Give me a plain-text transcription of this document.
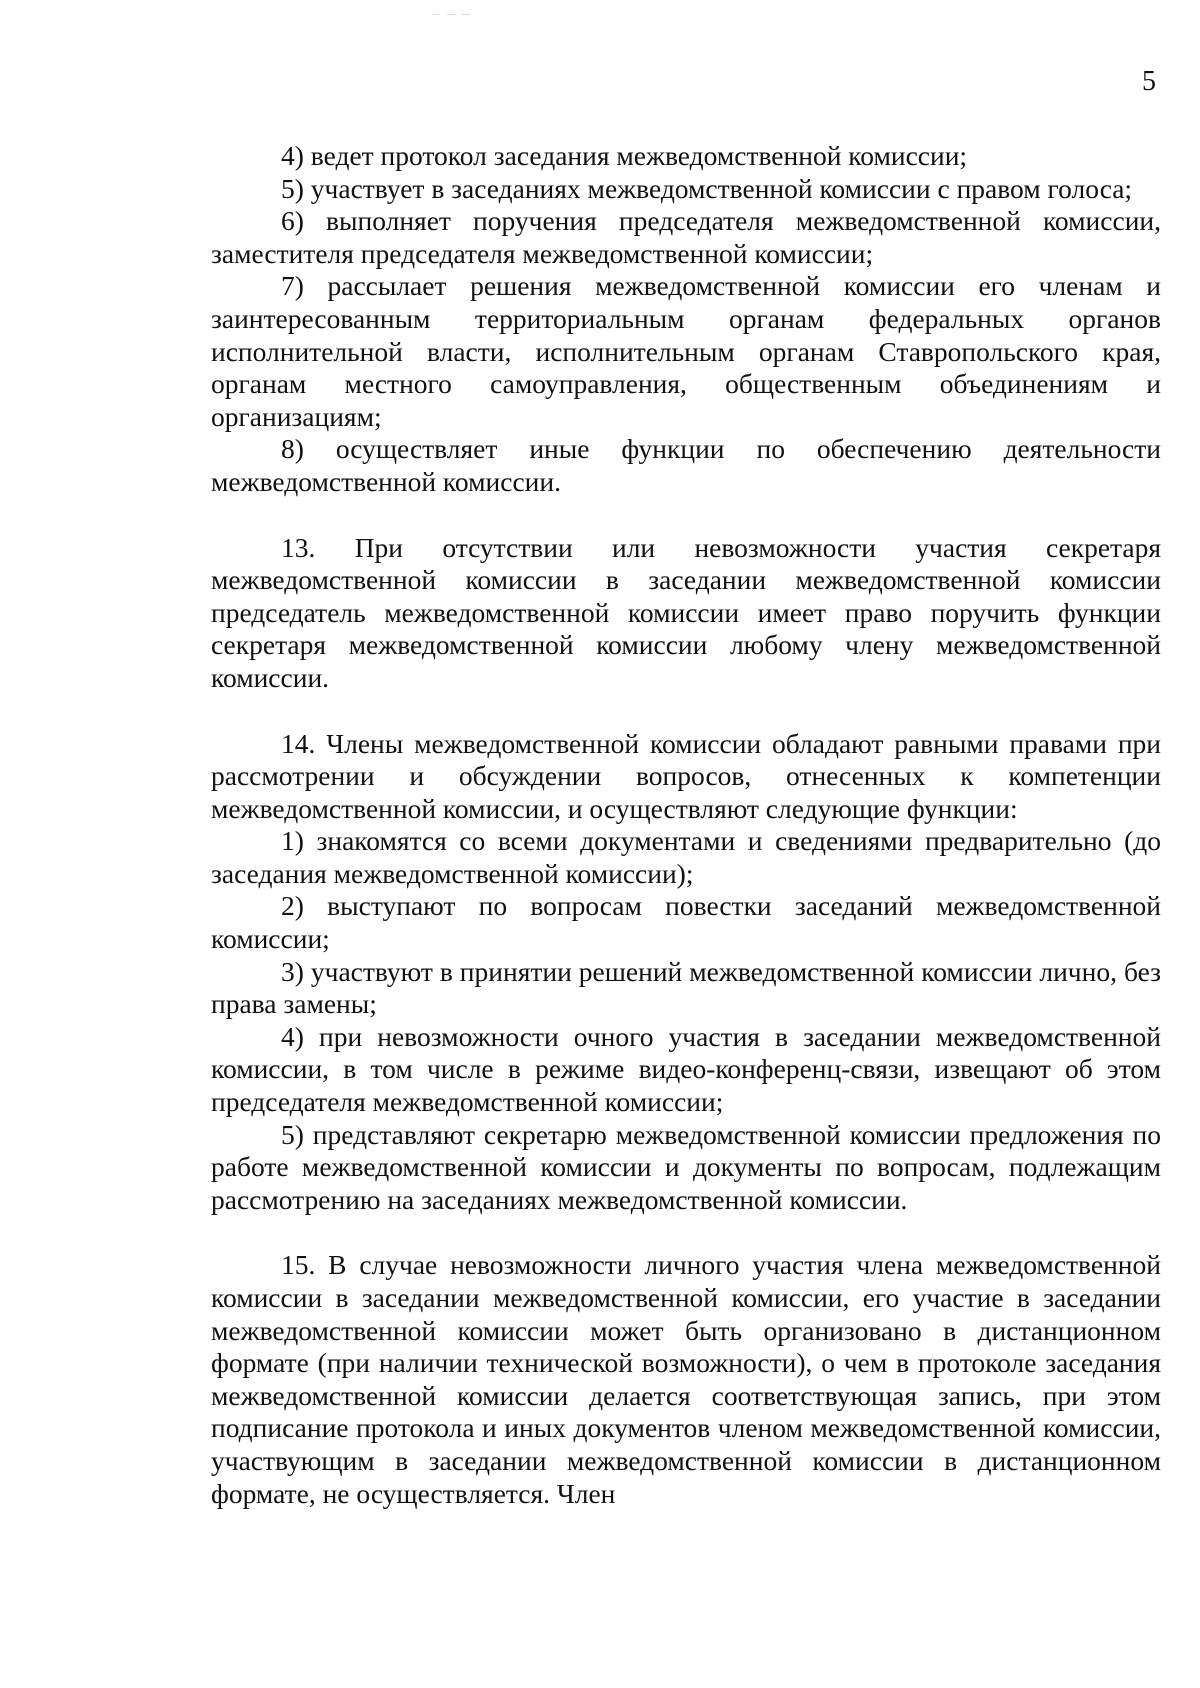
5

4) ведет протокол заседания межведомственной комиссии;

5) участвует в заседаниях межведомственной комиссии с правом голоса;

6) выполняет поручения председателя межведомственной комиссии, заместителя председателя межведомственной комиссии;

7) рассылает решения межведомственной комиссии его членам и заинтересованным территориальным органам федеральных органов исполнительной власти, исполнительным органам Ставропольского края, органам местного самоуправления, общественным объединениям и организациям;

8) осуществляет иные функции по обеспечению деятельности межведомственной комиссии.

13. При отсутствии или невозможности участия секретаря межведомственной комиссии в заседании межведомственной комиссии председатель межведомственной комиссии имеет право поручить функции секретаря межведомственной комиссии любому члену межведомственной комиссии.

14. Члены межведомственной комиссии обладают равными правами при рассмотрении и обсуждении вопросов, отнесенных к компетенции межведомственной комиссии, и осуществляют следующие функции:

1) знакомятся со всеми документами и сведениями предварительно (до заседания межведомственной комиссии);

2) выступают по вопросам повестки заседаний межведомственной комиссии;

3) участвуют в принятии решений межведомственной комиссии лично, без права замены;

4) при невозможности очного участия в заседании межведомственной комиссии, в том числе в режиме видео-конференц-связи, извещают об этом председателя межведомственной комиссии;

5) представляют секретарю межведомственной комиссии предложения по работе межведомственной комиссии и документы по вопросам, подлежащим рассмотрению на заседаниях межведомственной комиссии.

15. В случае невозможности личного участия члена межведомственной комиссии в заседании межведомственной комиссии, его участие в заседании межведомственной комиссии может быть организовано в дистанционном формате (при наличии технической возможности), о чем в протоколе заседания межведомственной комиссии делается соответствующая запись, при этом подписание протокола и иных документов членом межведомственной комиссии, участвующим в заседании межведомственной комиссии в дистанционном формате, не осуществляется. Член
